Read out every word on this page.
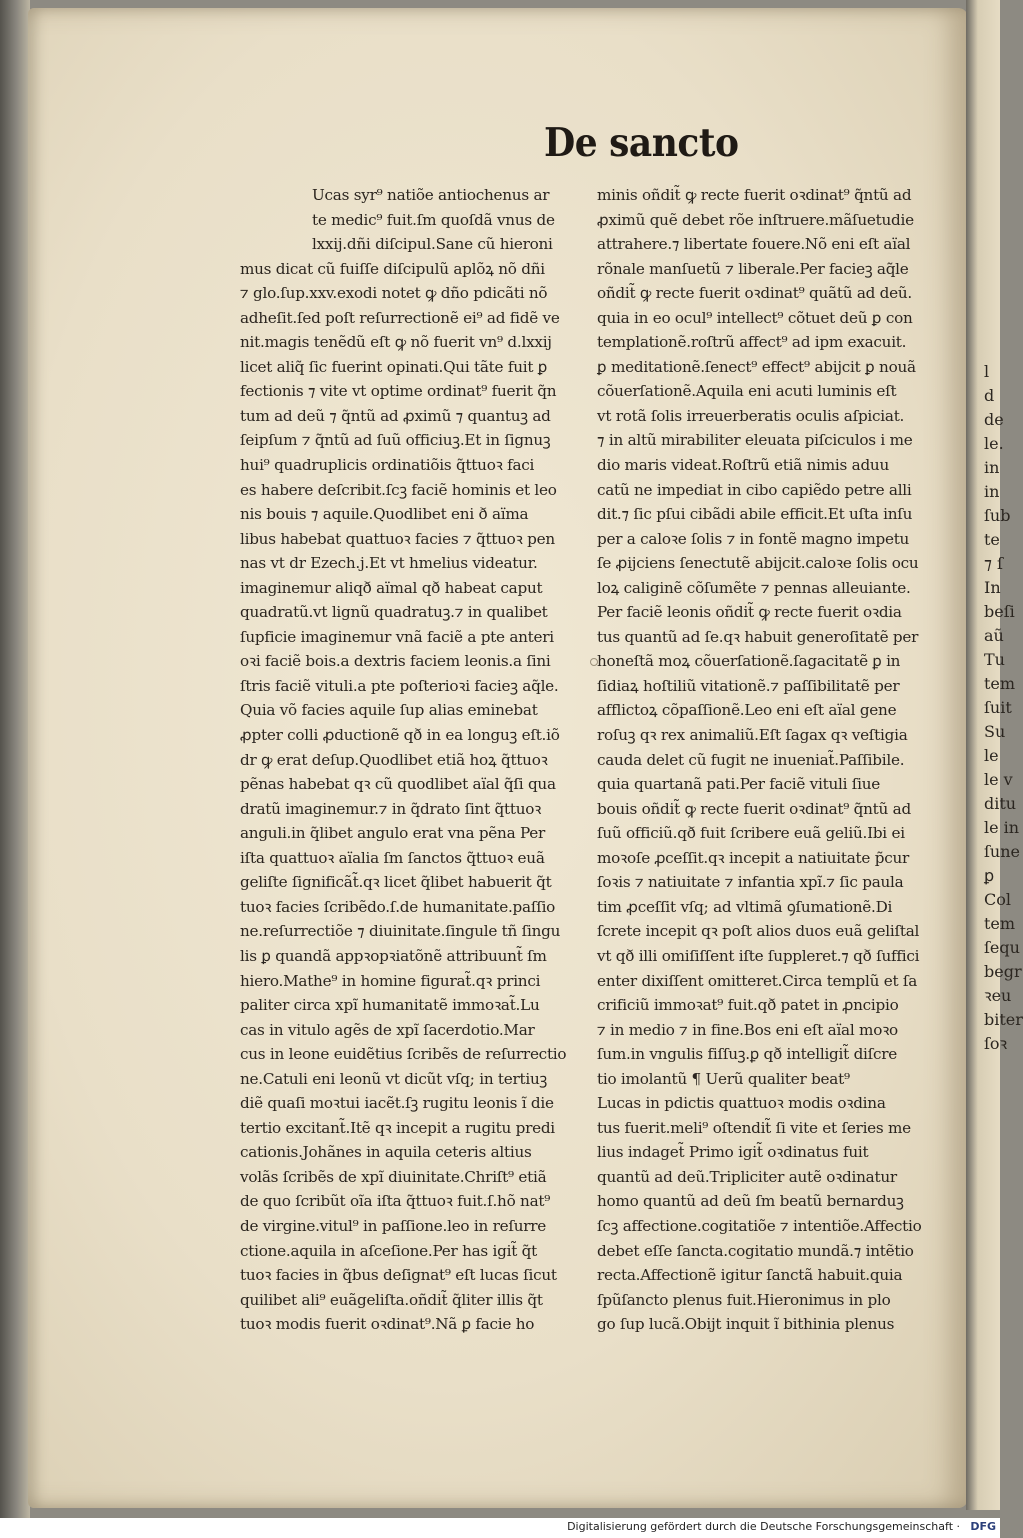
l
d
de
le.
in
in
ſub
te
⁊ ſ
In
beſi
aũ
Tu
tem
ſuit
Su
le
le v
ditu
le in
ſune
ꝑ
Col
tem
ſequ
begr
ꝛeu
biter
ſoꝛ
De sancto
Ucas syr⁹ natiõe antiochenus ar
te medic⁹ fuit.ſm quoſdã vnus de
lxxij.dñi diſcipul.Sane cũ hieroni
mus dicat cũ fuiſſe diſcipulũ aplõꝝ nõ dñi
⁊ glo.ſup.xxv.exodi notet ꝙ dño pdicãti nõ
adheſit.ſed poſt reſurrectionẽ ei⁹ ad fidẽ ve
nit.magis tenẽdũ eſt ꝙ nõ fuerit vn⁹ d.lxxij
licet aliq̃ ſic fuerint opinati.Qui tãte fuit ꝑ
fectionis ⁊ vite vt optime ordinat⁹ fuerit q̃n
tum ad deũ ⁊ q̃ntũ ad ꝓximũ ⁊ quantuꝫ ad
ſeipſum ⁊ q̃ntũ ad ſuũ officiuꝫ.Et in ſignuꝫ
hui⁹ quadruplicis ordinatiõis q̃ttuoꝛ faci
es habere deſcribit.ſcꝫ faciẽ hominis et leo
nis bouis ⁊ aquile.Quodlibet eni ð aïma
libus habebat quattuoꝛ facies ⁊ q̃ttuoꝛ pen
nas vt dr Ezech.j.Et vt hmelius videatur.
imaginemur aliqð aïmal qð habeat caput
quadratũ.vt lignũ quadratuꝫ.⁊ in qualibet
ſupficie imaginemur vnã faciẽ a pte anteri
oꝛi faciẽ bois.a dextris faciem leonis.a ſini
ſtris faciẽ vituli.a pte poſterioꝛi facieꝫ aq̃le.
Quia võ facies aquile ſup alias eminebat
ꝓpter colli ꝓductionẽ qð in ea longuꝫ eſt.iõ
dr ꝙ erat deſup.Quodlibet etiã hoꝝ q̃ttuoꝛ
pẽnas habebat qꝛ cũ quodlibet aïal q̃ſi qua
dratũ imaginemur.⁊ in q̃drato ſint q̃ttuoꝛ
anguli.in q̃libet angulo erat vna pẽna Per
iſta quattuoꝛ aïalia ſm ſanctos q̃ttuoꝛ euã
geliſte ſignificãt̃.qꝛ licet q̃libet habuerit q̃t
tuoꝛ facies ſcribẽdo.ſ.de humanitate.paſſio
ne.reſurrectiõe ⁊ diuinitate.ſingule tñ ſingu
lis ꝑ quandã appꝛopꝛiatõnẽ attribuunt̃ ſm
hiero.Mathe⁹ in homine figurat̃.qꝛ princi
paliter circa xpĩ humanitatẽ immoꝛat̃.Lu
cas in vitulo agẽs de xpĩ ſacerdotio.Mar
cus in leone euidẽtius ſcribẽs de reſurrectio
ne.Catuli eni leonũ vt dicũt vſq; in tertiuꝫ
diẽ quaſi moꝛtui iacẽt.ſꝫ rugitu leonis ĩ die
tertio excitant̃.Itẽ qꝛ incepit a rugitu predi
cationis.Johãnes in aquila ceteris altius
volãs ſcribẽs de xpĩ diuinitate.Chriſt⁹ etiã
de quo ſcribũt oĩa iſta q̃ttuoꝛ fuit.ſ.hõ nat⁹
de virgine.vitul⁹ in paſſione.leo in reſurre
ctione.aquila in aſceſione.Per has igit̃ q̃t
tuoꝛ facies in q̃bus deſignat⁹ eſt lucas ſicut
quilibet ali⁹ euãgeliſta.oñdit̃ q̃liter illis q̃t
tuoꝛ modis fuerit oꝛdinat⁹.Nã ꝑ facie ho
minis oñdit̃ ꝙ recte fuerit oꝛdinat⁹ q̃ntũ ad
ꝓximũ quẽ debet rõe inſtruere.mãſuetudie
attrahere.⁊ libertate fouere.Nõ eni eſt aïal
rõnale manſuetũ ⁊ liberale.Per facieꝫ aq̃le
oñdit̃ ꝙ recte fuerit oꝛdinat⁹ quãtũ ad deũ.
quia in eo ocul⁹ intellect⁹ cõtuet deũ ꝑ con
templationẽ.roſtrũ affect⁹ ad ipm exacuit.
ꝑ meditationẽ.ſenect⁹ effect⁹ abijcit ꝑ nouã
cõuerſationẽ.Aquila eni acuti luminis eſt
vt rotã ſolis irreuerberatis oculis aſpiciat.
⁊ in altũ mirabiliter eleuata piſciculos i me
dio maris videat.Roſtrũ etiã nimis aduu
catũ ne impediat in cibo capiẽdo petre alli
dit.⁊ ſic pſui cibãdi abile efficit.Et uſta inſu
per a caloꝛe ſolis ⁊ in fontẽ magno impetu
ſe ꝓijciens ſenectutẽ abijcit.caloꝛe ſolis ocu
loꝝ caliginẽ cõſumẽte ⁊ pennas alleuiante.
Per faciẽ leonis oñdit̃ ꝙ recte fuerit oꝛdia
tus quantũ ad ſe.qꝛ habuit generoſitatẽ per
honeſtã moꝝ cõuerſationẽ.ſagacitatẽ ꝑ in
ſidiaꝝ hoſtiliũ vitationẽ.⁊ paſſibilitatẽ per
afflictoꝝ cõpaſſionẽ.Leo eni eſt aïal gene
roſuꝫ qꝛ rex animaliũ.Eſt ſagax qꝛ veſtigia
cauda delet cũ fugit ne inueniat̃.Paſſibile.
quia quartanã pati.Per faciẽ vituli ſiue
bouis oñdit̃ ꝙ recte fuerit oꝛdinat⁹ q̃ntũ ad
ſuũ officiũ.qð fuit ſcribere euã geliũ.Ibi ei
moꝛoſe ꝓceſſit.qꝛ incepit a natiuitate p̃cur
ſoꝛis ⁊ natiuitate ⁊ infantia xpĩ.⁊ ſic paula
tim ꝓceſſit vſq; ad vltimã ꝯſumationẽ.Di
ſcrete incepit qꝛ poſt alios duos euã geliſtal
vt qð illi omiſiſſent iſte ſuppleret.⁊ qð ſuffici
enter dixiſſent omitteret.Circa templũ et ſa
crificiũ immoꝛat⁹ fuit.qð patet in ꝓncipio
⁊ in medio ⁊ in fine.Bos eni eſt aïal moꝛo
ſum.in vngulis fiſſuꝫ.ꝑ qð intelligit̃ diſcre
tio imolantũ ¶ Uerũ qualiter beat⁹
Lucas in pdictis quattuoꝛ modis oꝛdina
tus fuerit.meli⁹ oſtendit̃ ſi vite et ſeries me
lius indaget̃ Primo igit̃ oꝛdinatus fuit
quantũ ad deũ.Tripliciter autẽ oꝛdinatur
homo quantũ ad deũ ſm beatũ bernarduꝫ
ſcꝫ affectione.cogitatiõe ⁊ intentiõe.Affectio
debet eſſe ſancta.cogitatio mundã.⁊ intẽtio
recta.Affectionẽ igitur ſanctã habuit.quia
ſpũſancto plenus fuit.Hieronimus in plo
go ſup lucã.Obijt inquit ĩ bithinia plenus
Digitalisierung gefördert durch die Deutsche Forschungsgemeinschaft · DFG
